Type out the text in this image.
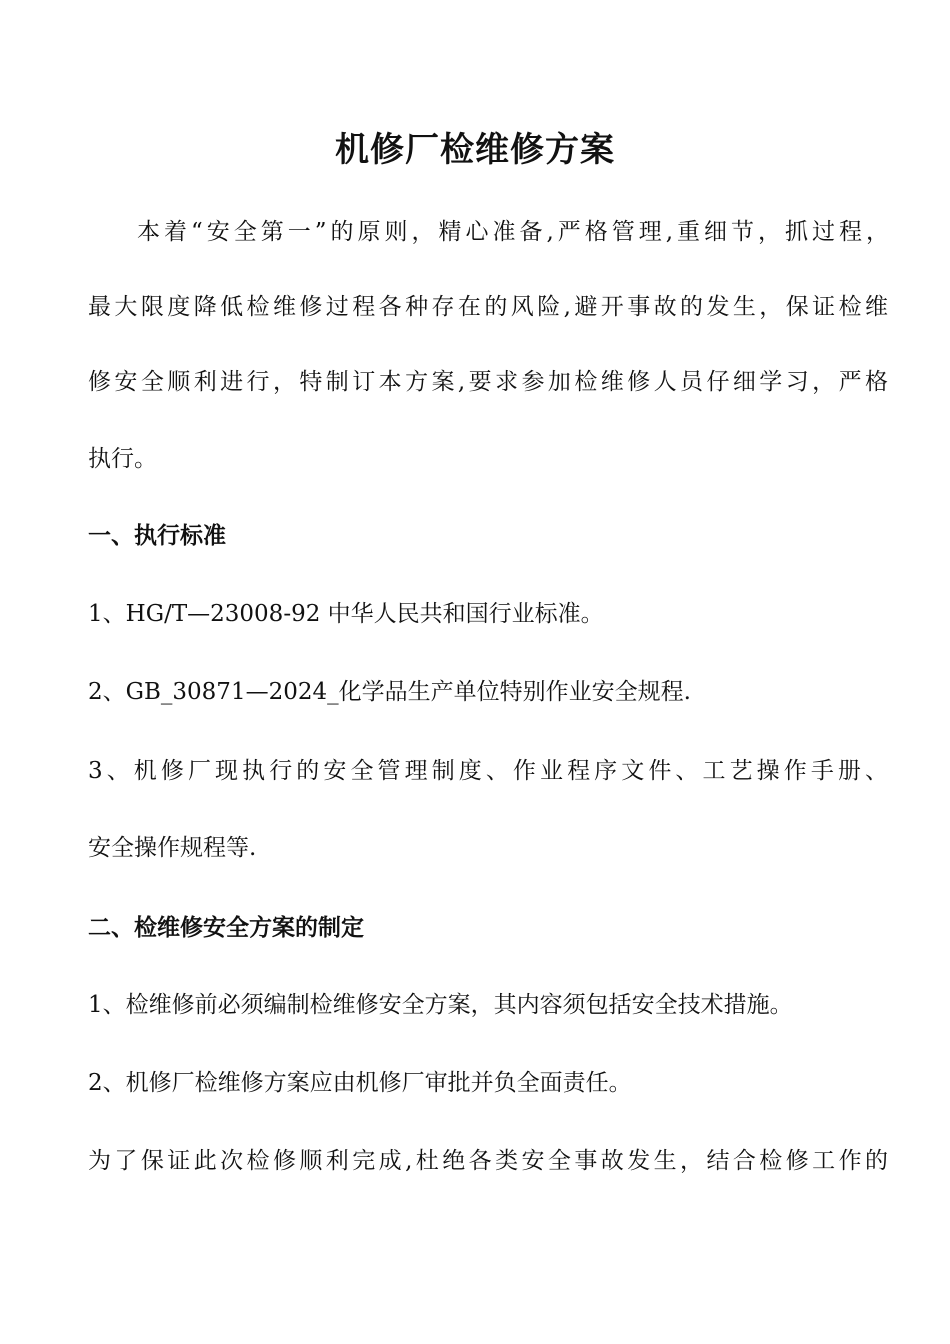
机修厂检维修方案
本着“安全第一”的原则，精心准备,严格管理,重细节，抓过程，
最大限度降低检维修过程各种存在的风险,避开事故的发生，保证检维
修安全顺利进行，特制订本方案,要求参加检维修人员仔细学习，严格
执行。
一、执行标准
1、HG/T—23008-92 中华人民共和国行业标准。
2、GB_30871—2024_化学品生产单位特别作业安全规程.
3、机修厂现执行的安全管理制度、作业程序文件、工艺操作手册、
安全操作规程等.
二、检维修安全方案的制定
1、检维修前必须编制检维修安全方案，其内容须包括安全技术措施。
2、机修厂检维修方案应由机修厂审批并负全面责任。
为了保证此次检修顺利完成,杜绝各类安全事故发生，结合检修工作的
